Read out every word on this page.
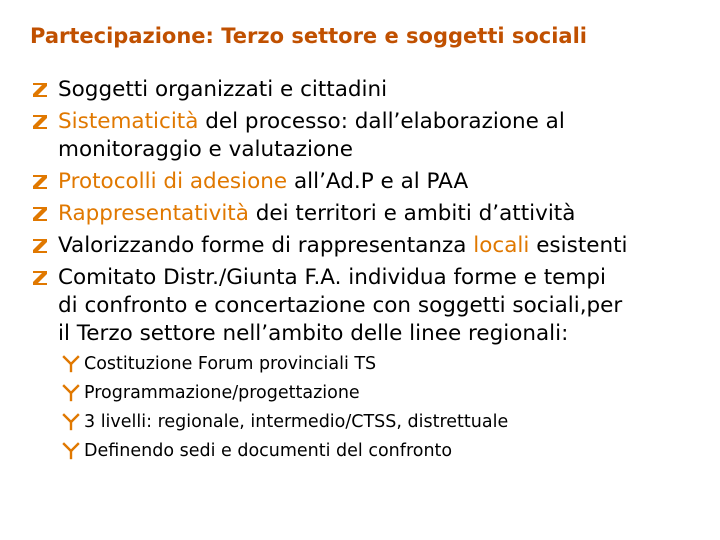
Partecipazione: Terzo settore e soggetti sociali
Soggetti organizzati e cittadini
Sistematicità del processo: dall’elaborazione al
monitoraggio e valutazione
Protocolli di adesione all’Ad.P e al PAA
Rappresentatività dei territori e ambiti d’attività
Valorizzando forme di rappresentanza locali esistenti
Comitato Distr./Giunta F.A. individua forme e tempi
di confronto e concertazione con soggetti sociali,per
il Terzo settore nell’ambito delle linee regionali:
Costituzione Forum provinciali TS
Programmazione/progettazione
3 livelli: regionale, intermedio/CTSS, distrettuale
Definendo sedi e documenti del confronto
